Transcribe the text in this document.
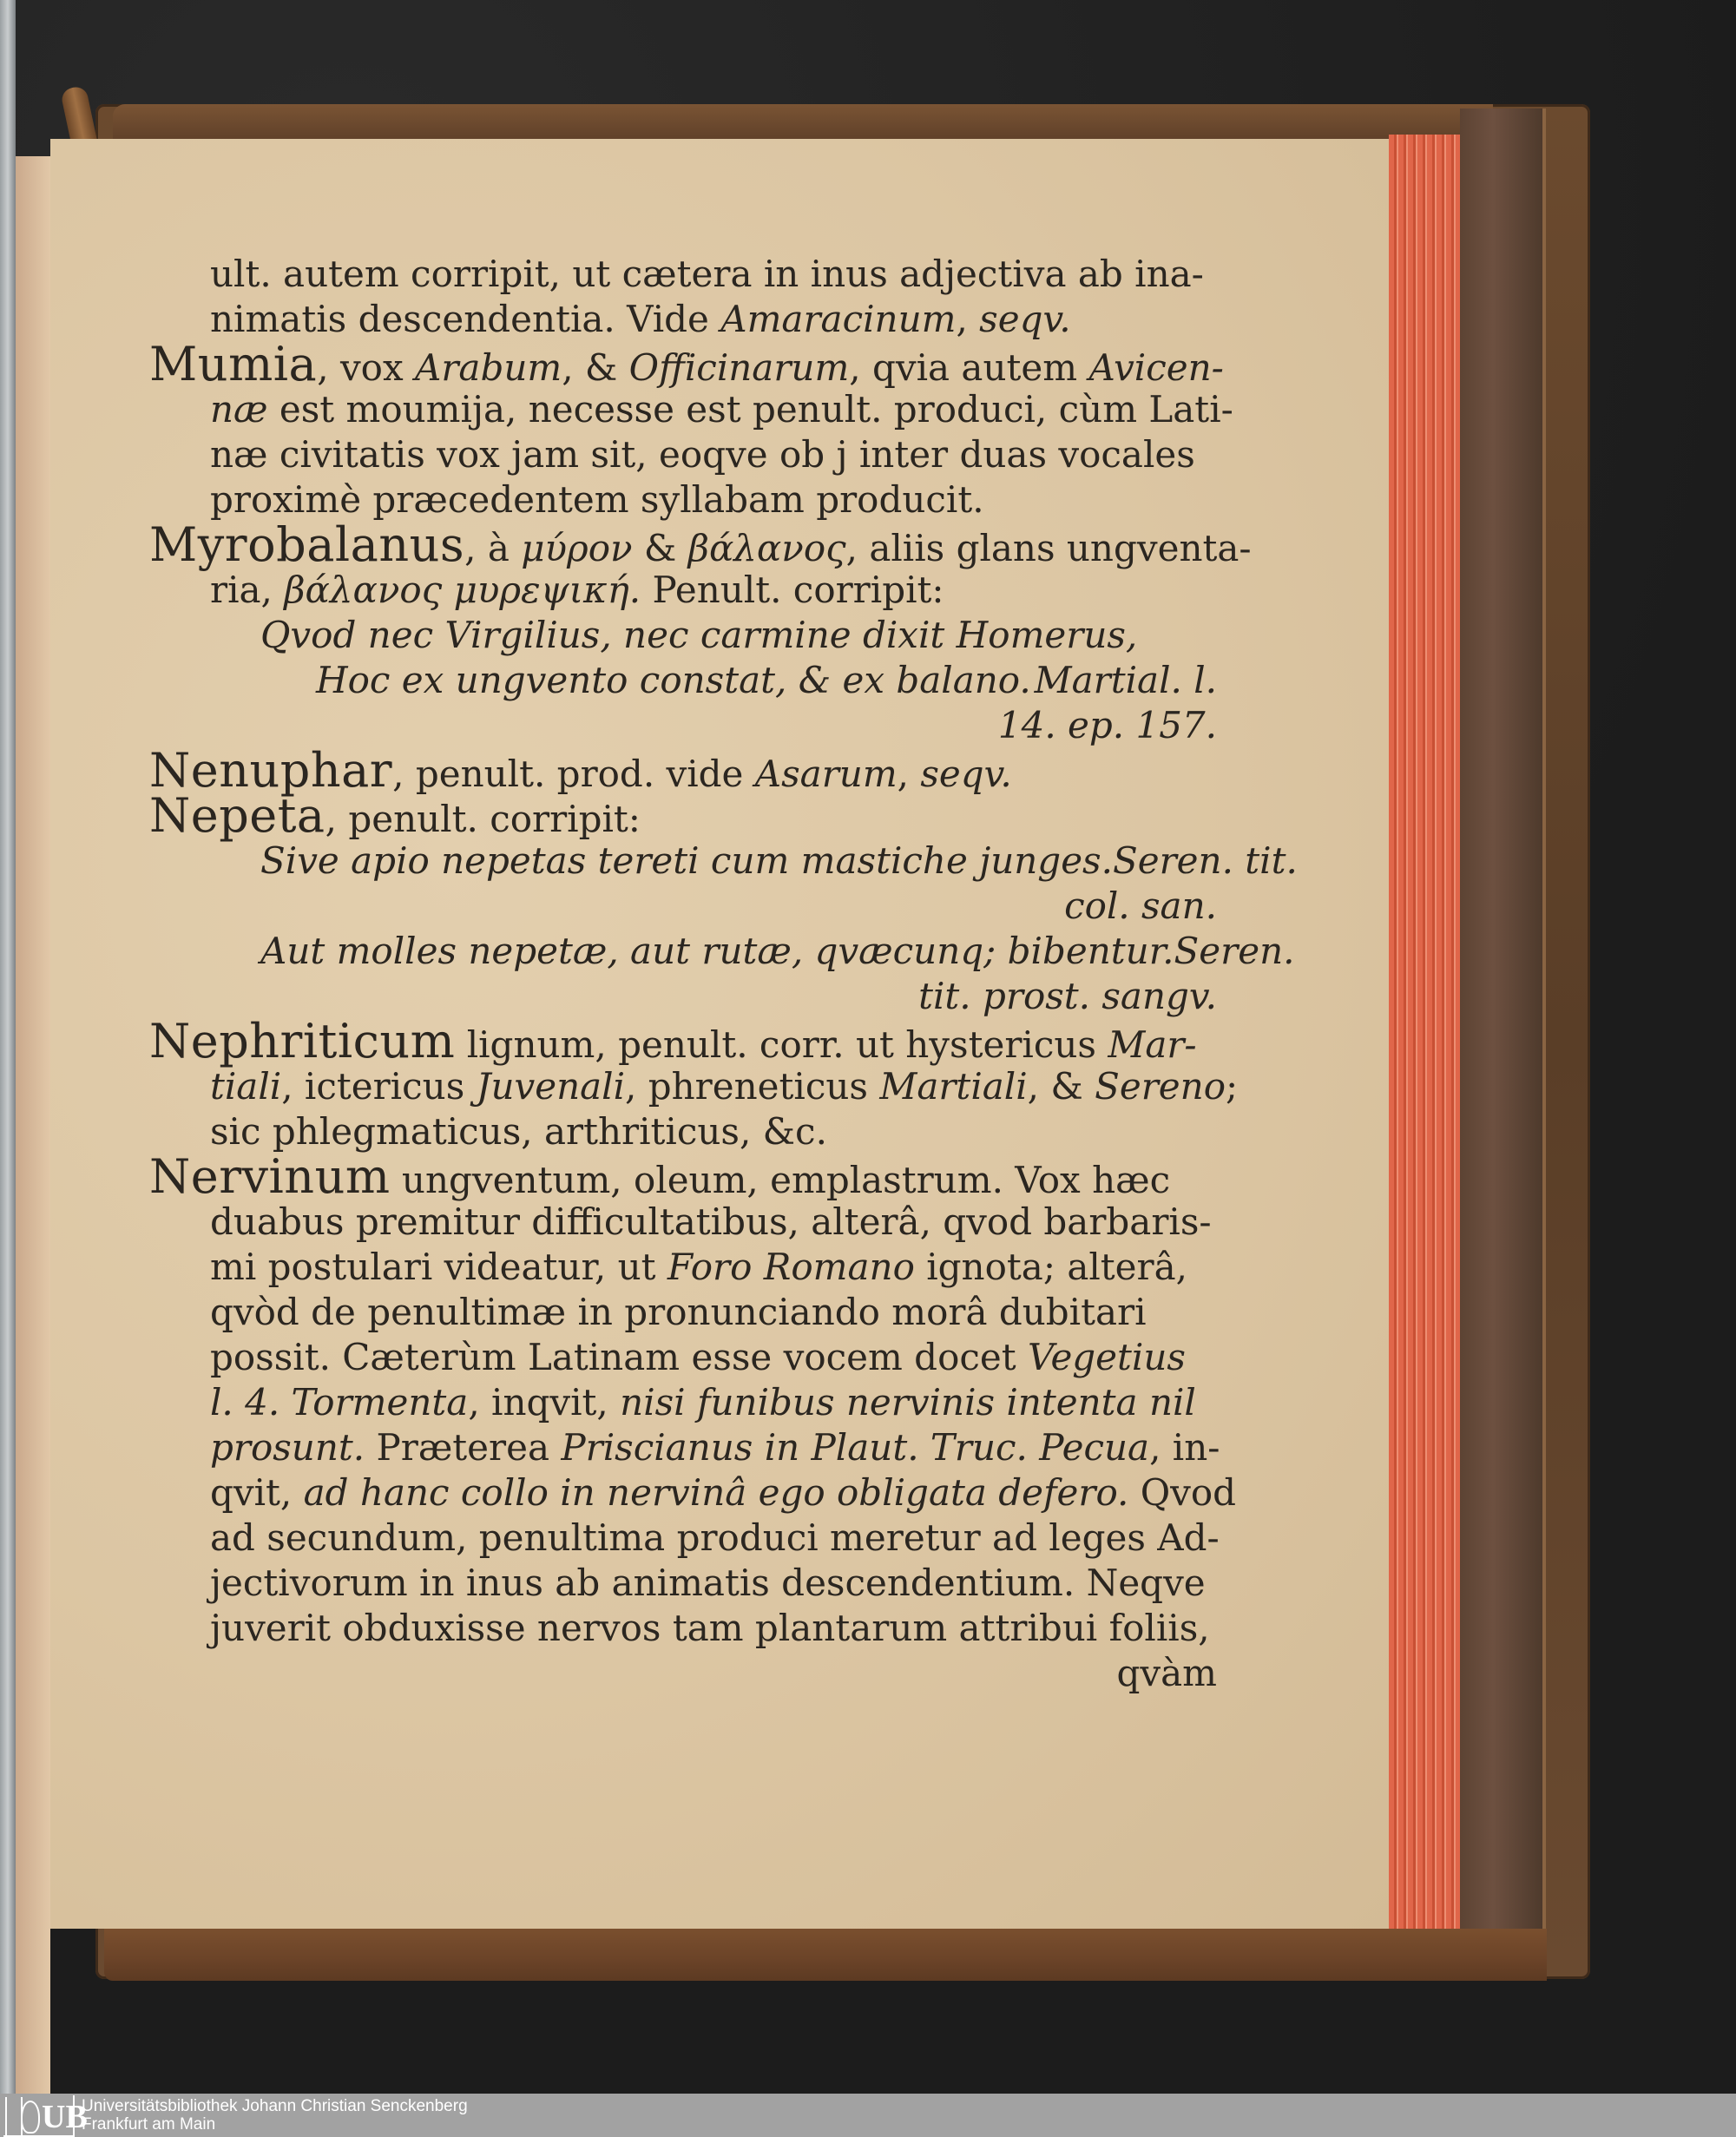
ult. autem corripit, ut cætera in inus adjectiva ab ina-
nimatis descendentia. Vide Amaracinum, seqv.
Mumia, vox Arabum, & Officinarum, qvia autem Avicen-
næ est moumija, necesse est penult. produci, cùm Lati-
næ civitatis vox jam sit, eoqve ob j inter duas vocales
proximè præcedentem syllabam producit.
Myrobalanus, à μύρον & βάλανος, aliis glans ungventa-
ria, βάλανος μυρεψική. Penult. corripit:
Qvod nec Virgilius, nec carmine dixit Homerus,
Hoc ex ungvento constat, & ex balano. Martial. l.
14. ep. 157.
Nenuphar, penult. prod. vide Asarum, seqv.
Nepeta, penult. corripit:
Sive apio nepetas tereti cum mastiche junges. Seren. tit.
col. san.
Aut molles nepetæ, aut rutæ, qvæcunq; bibentur. Seren.
tit. prost. sangv.
Nephriticum lignum, penult. corr. ut hystericus Mar-
tiali, ictericus Juvenali, phreneticus Martiali, & Sereno;
sic phlegmaticus, arthriticus, &c.
Nervinum ungventum, oleum, emplastrum. Vox hæc
duabus premitur difficultatibus, alterâ, qvod barbaris-
mi postulari videatur, ut Foro Romano ignota; alterâ,
qvòd de penultimæ in pronunciando morâ dubitari
possit. Cæterùm Latinam esse vocem docet Vegetius
l. 4. Tormenta, inqvit, nisi funibus nervinis intenta nil
prosunt. Præterea Priscianus in Plaut. Truc. Pecua, in-
qvit, ad hanc collo in nervinâ ego obligata defero. Qvod
ad secundum, penultima produci meretur ad leges Ad-
jectivorum in inus ab animatis descendentium. Neqve
juverit obduxisse nervos tam plantarum attribui foliis,
qvàm
UB
Universitätsbibliothek Johann Christian Senckenberg
Frankfurt am Main
